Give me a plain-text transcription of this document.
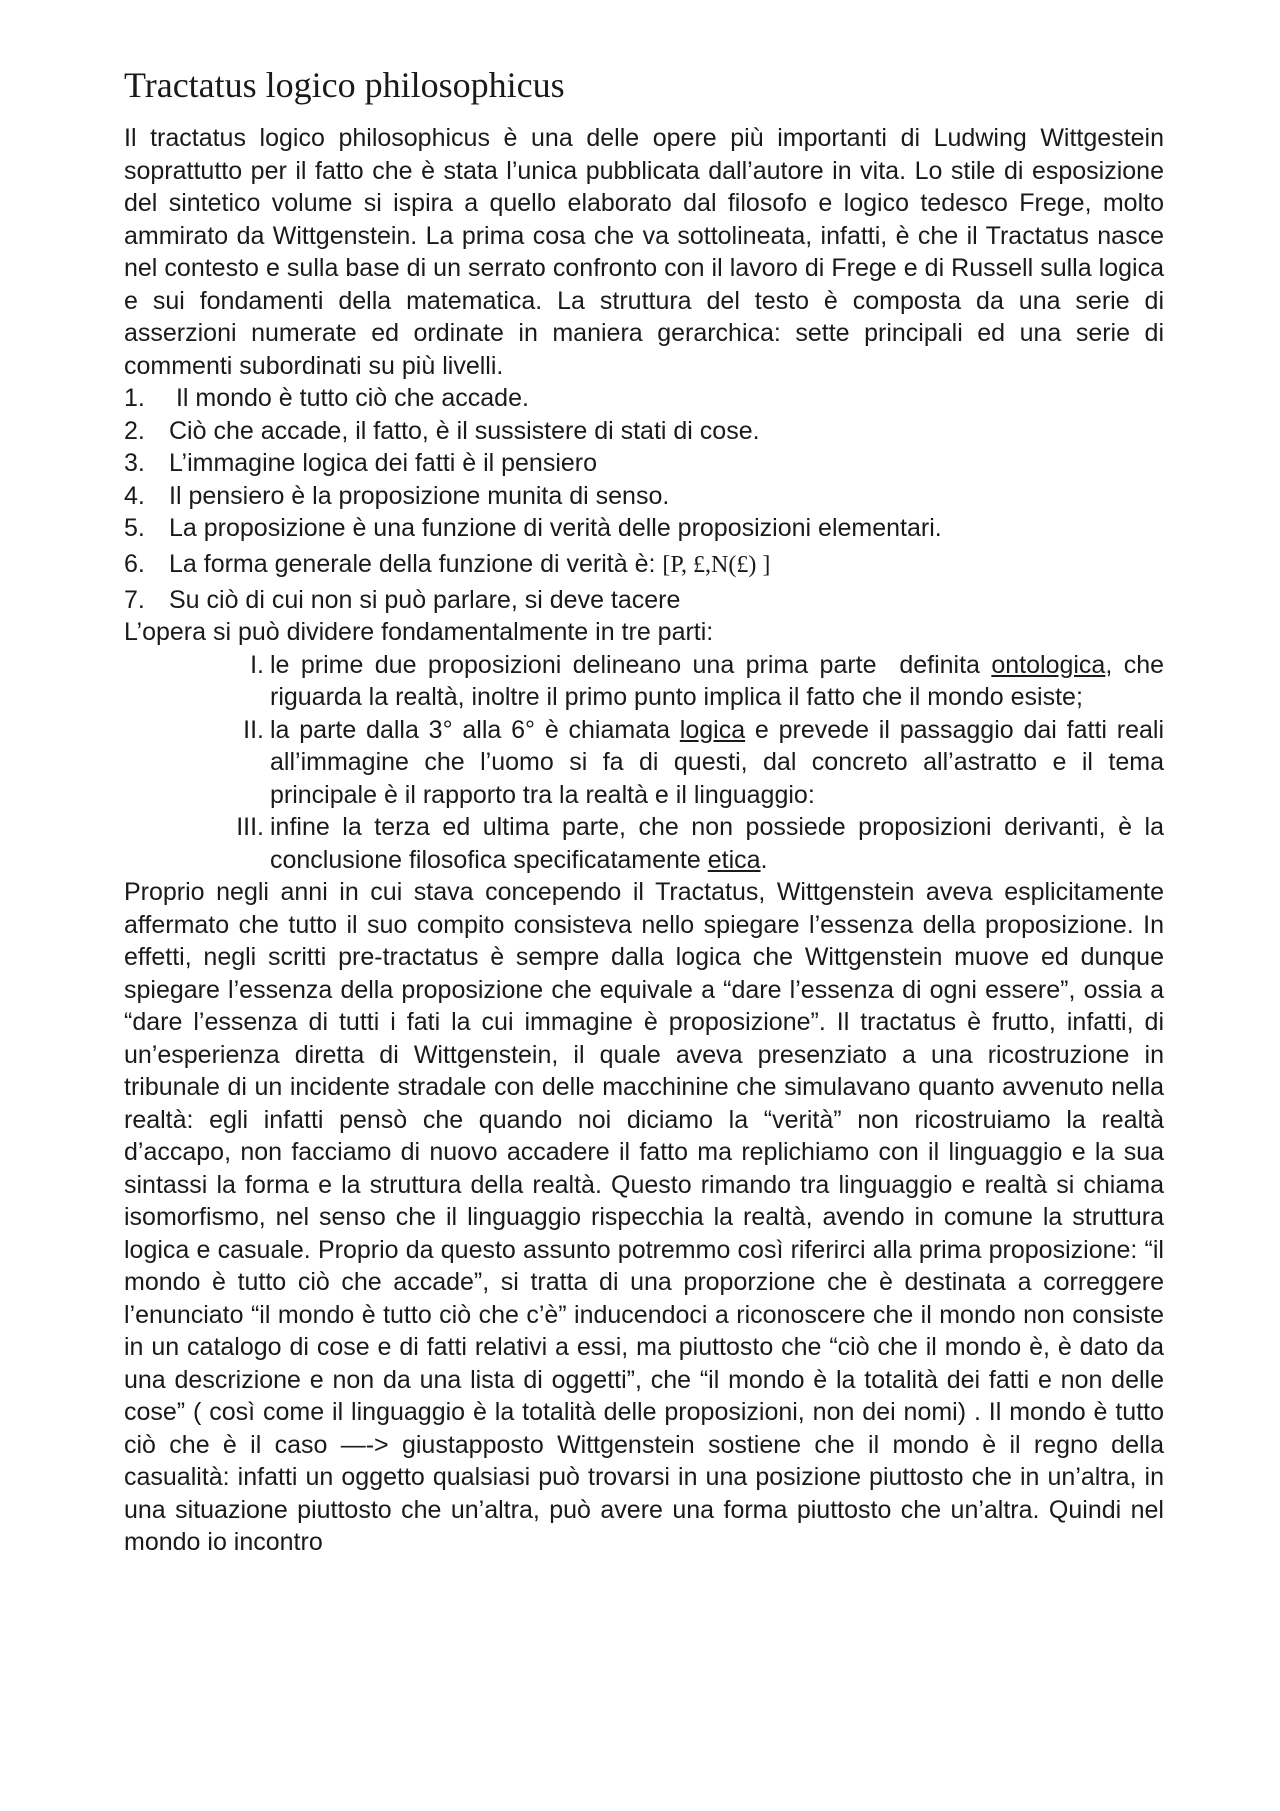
Tractatus logico philosophicus

Il tractatus logico philosophicus è una delle opere più importanti di Ludwing Wittgestein soprattutto per il fatto che è stata l’unica pubblicata dall’autore in vita. Lo stile di esposizione del sintetico volume si ispira a quello elaborato dal filosofo e logico tedesco Frege, molto ammirato da Wittgenstein. La prima cosa che va sottolineata, infatti, è che il Tractatus nasce nel contesto e sulla base di un serrato confronto con il lavoro di Frege e di Russell sulla logica e sui fondamenti della matematica. La struttura del testo è composta da una serie di asserzioni numerate ed ordinate in maniera gerarchica: sette principali ed una serie di commenti subordinati su più livelli.

1. Il mondo è tutto ciò che accade.
2. Ciò che accade, il fatto, è il sussistere di stati di cose.
3. L’immagine logica dei fatti è il pensiero
4. Il pensiero è la proposizione munita di senso.
5. La proposizione è una funzione di verità delle proposizioni elementari.
6. La forma generale della funzione di verità è: [P, £,N(£) ]
7. Su ciò di cui non si può parlare, si deve tacere

L’opera si può dividere fondamentalmente in tre parti:

I. le prime due proposizioni delineano una prima parte  definita ontologica, che riguarda la realtà, inoltre il primo punto implica il fatto che il mondo esiste;
II. la parte dalla 3° alla 6° è chiamata logica e prevede il passaggio dai fatti reali all’immagine che l’uomo si fa di questi, dal concreto all’astratto e il tema principale è il rapporto tra la realtà e il linguaggio:
III. infine la terza ed ultima parte, che non possiede proposizioni derivanti, è la conclusione filosofica specificatamente etica.

Proprio negli anni in cui stava concependo il Tractatus, Wittgenstein aveva esplicitamente affermato che tutto il suo compito consisteva nello spiegare l’essenza della proposizione. In effetti, negli scritti pre-tractatus è sempre dalla logica che Wittgenstein muove ed dunque spiegare l’essenza della proposizione che equivale a “dare l’essenza di ogni essere”, ossia a “dare l’essenza di tutti i fati la cui immagine è proposizione”. Il tractatus è frutto, infatti, di un’esperienza diretta di Wittgenstein, il quale aveva presenziato a una ricostruzione in tribunale di un incidente stradale con delle macchinine che simulavano quanto avvenuto nella realtà: egli infatti pensò che quando noi diciamo la “verità” non ricostruiamo la realtà d’accapo, non facciamo di nuovo accadere il fatto ma replichiamo con il linguaggio e la sua sintassi la forma e la struttura della realtà. Questo rimando tra linguaggio e realtà si chiama isomorfismo, nel senso che il linguaggio rispecchia la realtà, avendo in comune la struttura logica e casuale. Proprio da questo assunto potremmo così riferirci alla prima proposizione: “il mondo è tutto ciò che accade”, si tratta di una proporzione che è destinata a correggere l’enunciato “il mondo è tutto ciò che c’è” inducendoci a riconoscere che il mondo non consiste in un catalogo di cose e di fatti relativi a essi, ma piuttosto che “ciò che il mondo è, è dato da una descrizione e non da una lista di oggetti”, che “il mondo è la totalità dei fatti e non delle cose” ( così come il linguaggio è la totalità delle proposizioni, non dei nomi) . Il mondo è tutto ciò che è il caso —-> giustapposto Wittgenstein sostiene che il mondo è il regno della casualità: infatti un oggetto qualsiasi può trovarsi in una posizione piuttosto che in un’altra, in una situazione piuttosto che un’altra, può avere una forma piuttosto che un’altra. Quindi nel mondo io incontro
